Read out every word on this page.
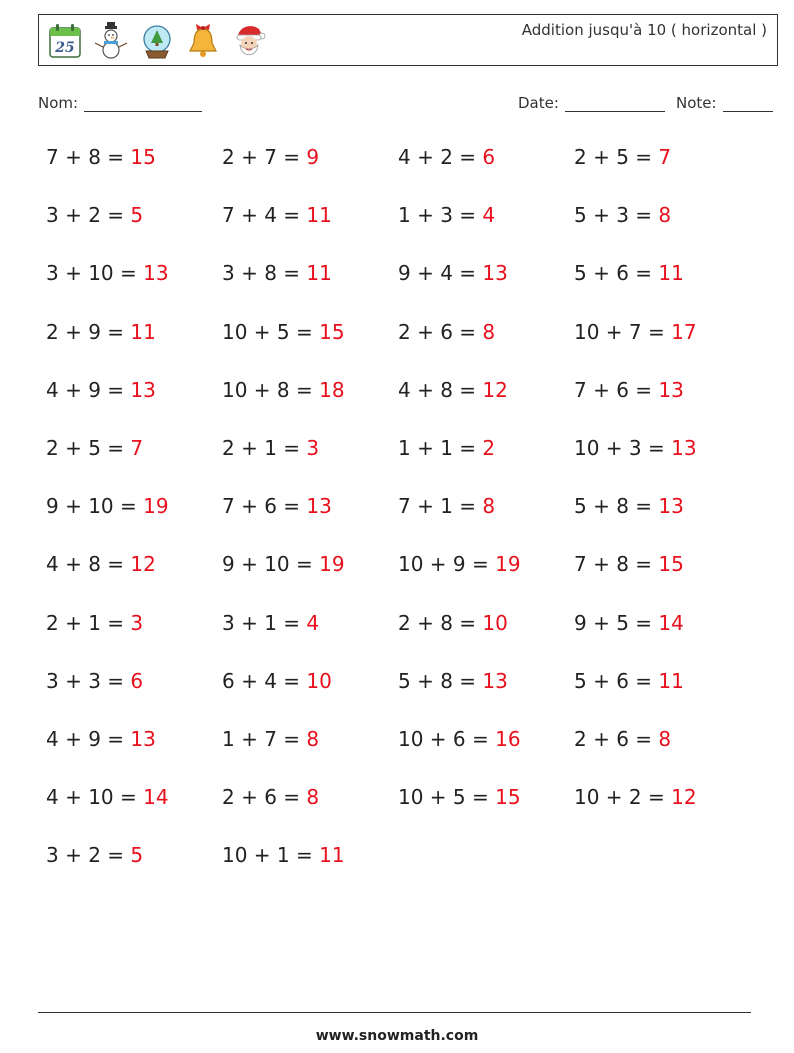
25
Addition jusqu'à 10 ( horizontal )
Nom:	Date:	Note:
7 + 8 = 15	2 + 7 = 9	4 + 2 = 6	2 + 5 = 7
3 + 2 = 5	7 + 4 = 11	1 + 3 = 4	5 + 3 = 8
3 + 10 = 13	3 + 8 = 11	9 + 4 = 13	5 + 6 = 11
2 + 9 = 11	10 + 5 = 15	2 + 6 = 8	10 + 7 = 17
4 + 9 = 13	10 + 8 = 18	4 + 8 = 12	7 + 6 = 13
2 + 5 = 7	2 + 1 = 3	1 + 1 = 2	10 + 3 = 13
9 + 10 = 19	7 + 6 = 13	7 + 1 = 8	5 + 8 = 13
4 + 8 = 12	9 + 10 = 19	10 + 9 = 19	7 + 8 = 15
2 + 1 = 3	3 + 1 = 4	2 + 8 = 10	9 + 5 = 14
3 + 3 = 6	6 + 4 = 10	5 + 8 = 13	5 + 6 = 11
4 + 9 = 13	1 + 7 = 8	10 + 6 = 16	2 + 6 = 8
4 + 10 = 14	2 + 6 = 8	10 + 5 = 15	10 + 2 = 12
3 + 2 = 5	10 + 1 = 11
www.snowmath.com
